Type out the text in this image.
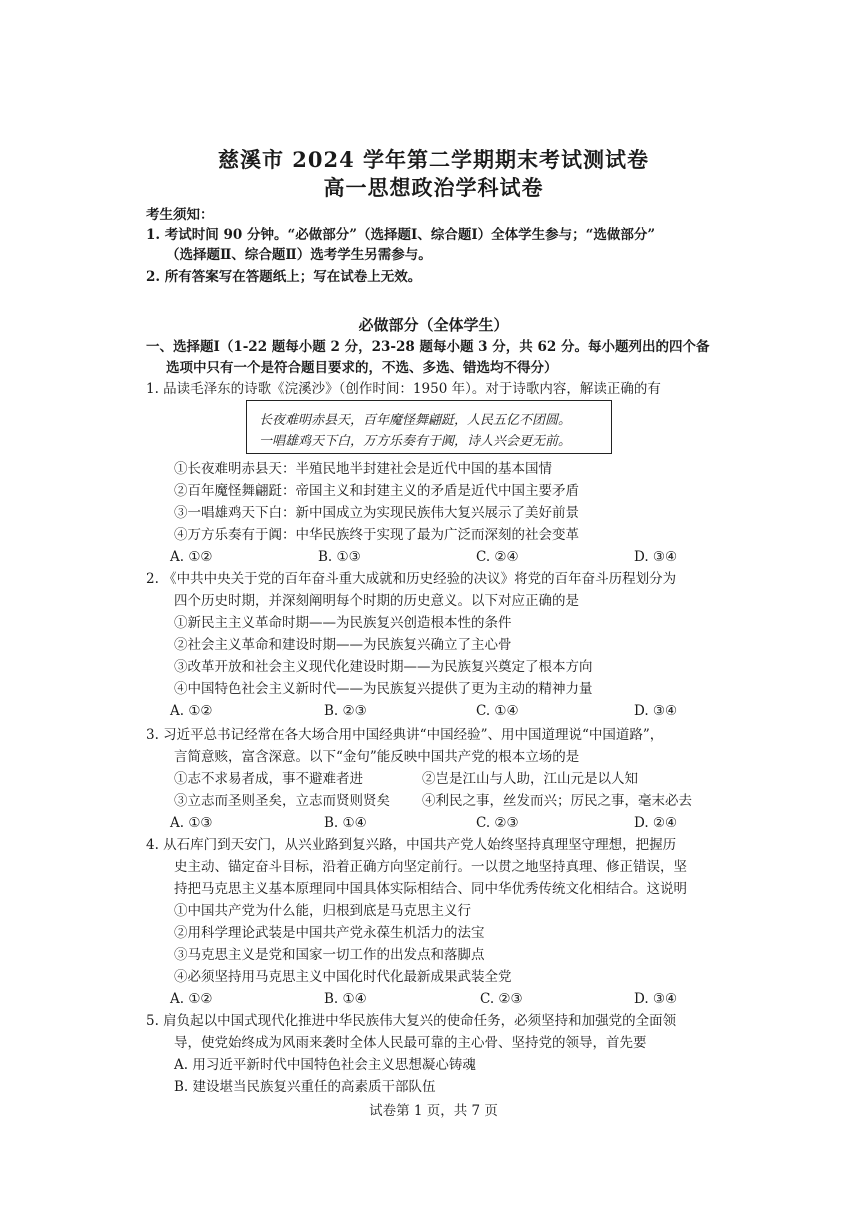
慈溪市 2024 学年第二学期期末考试测试卷
高一思想政治学科试卷
考生须知：
1. 考试时间 90 分钟。“必做部分”（选择题Ⅰ、综合题Ⅰ）全体学生参与；“选做部分”
（选择题Ⅱ、综合题Ⅱ）选考学生另需参与。
2. 所有答案写在答题纸上；写在试卷上无效。
必做部分（全体学生）
一、选择题Ⅰ（1-22 题每小题 2 分，23-28 题每小题 3 分，共 62 分。每小题列出的四个备
选项中只有一个是符合题目要求的，不选、多选、错选均不得分）
1. 品读毛泽东的诗歌《浣溪沙》（创作时间：1950 年）。对于诗歌内容，解读正确的有
长夜难明赤县天，百年魔怪舞翩跹，人民五亿不团圆。
一唱雄鸡天下白，万方乐奏有于阗，诗人兴会更无前。
①长夜难明赤县天：半殖民地半封建社会是近代中国的基本国情
②百年魔怪舞翩跹：帝国主义和封建主义的矛盾是近代中国主要矛盾
③一唱雄鸡天下白：新中国成立为实现民族伟大复兴展示了美好前景
④万方乐奏有于阗：中华民族终于实现了最为广泛而深刻的社会变革
A. ①②	B. ①③	C. ②④	D. ③④
2. 《中共中央关于党的百年奋斗重大成就和历史经验的决议》将党的百年奋斗历程划分为
四个历史时期，并深刻阐明每个时期的历史意义。以下对应正确的是
①新民主主义革命时期——为民族复兴创造根本性的条件
②社会主义革命和建设时期——为民族复兴确立了主心骨
③改革开放和社会主义现代化建设时期——为民族复兴奠定了根本方向
④中国特色社会主义新时代——为民族复兴提供了更为主动的精神力量
A. ①②	B. ②③	C. ①④	D. ③④
3. 习近平总书记经常在各大场合用中国经典讲“中国经验”、用中国道理说“中国道路”，
言简意赅，富含深意。以下“金句”能反映中国共产党的根本立场的是
①志不求易者成，事不避难者进	②岂是江山与人助，江山元是以人知
③立志而圣则圣矣，立志而贤则贤矣 ④利民之事，丝发而兴；厉民之事，毫末必去
A. ①③	B. ①④	C. ②③	D. ②④
4. 从石库门到天安门，从兴业路到复兴路，中国共产党人始终坚持真理坚守理想，把握历
史主动、锚定奋斗目标，沿着正确方向坚定前行。一以贯之地坚持真理、修正错误，坚
持把马克思主义基本原理同中国具体实际相结合、同中华优秀传统文化相结合。这说明
①中国共产党为什么能，归根到底是马克思主义行
②用科学理论武装是中国共产党永葆生机活力的法宝
③马克思主义是党和国家一切工作的出发点和落脚点
④必须坚持用马克思主义中国化时代化最新成果武装全党
A. ①②	B. ①④	C. ②③	D. ③④
5. 肩负起以中国式现代化推进中华民族伟大复兴的使命任务，必须坚持和加强党的全面领
导，使党始终成为风雨来袭时全体人民最可靠的主心骨、坚持党的领导，首先要
A. 用习近平新时代中国特色社会主义思想凝心铸魂
B. 建设堪当民族复兴重任的高素质干部队伍
试卷第 1 页，共 7 页
